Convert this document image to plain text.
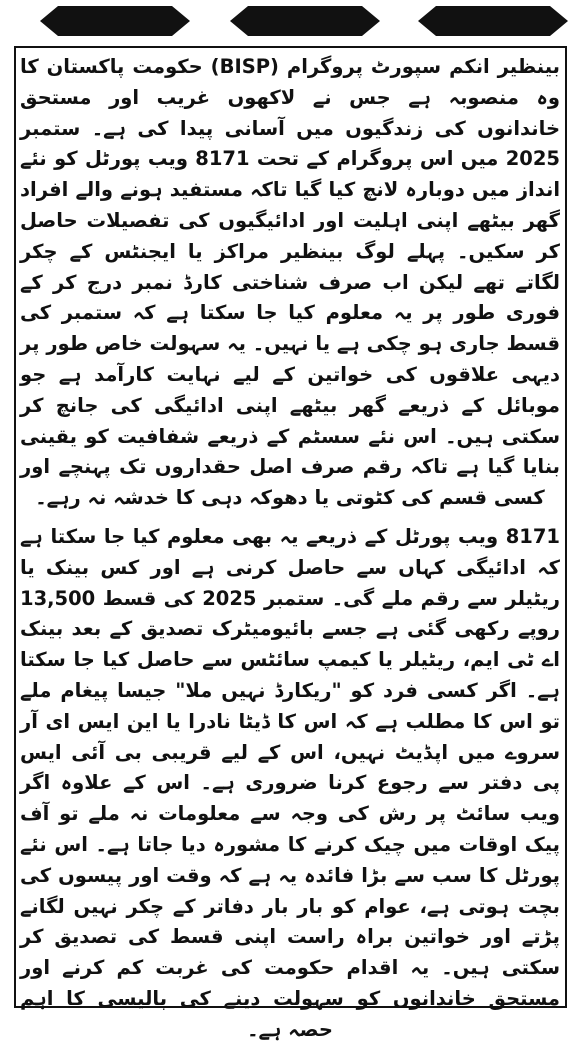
بینظیر انکم سپورٹ پروگرام (BISP) حکومت پاکستان کا وہ منصوبہ ہے جس نے لاکھوں غریب اور مستحق خاندانوں کی زندگیوں میں آسانی پیدا کی ہے۔ ستمبر 2025 میں اس پروگرام کے تحت 8171 ویب پورٹل کو نئے انداز میں دوبارہ لانچ کیا گیا تاکہ مستفید ہونے والے افراد گھر بیٹھے اپنی اہلیت اور ادائیگیوں کی تفصیلات حاصل کر سکیں۔ پہلے لوگ بینظیر مراکز یا ایجنٹس کے چکر لگاتے تھے لیکن اب صرف شناختی کارڈ نمبر درج کر کے فوری طور پر یہ معلوم کیا جا سکتا ہے کہ ستمبر کی قسط جاری ہو چکی ہے یا نہیں۔ یہ سہولت خاص طور پر دیہی علاقوں کی خواتین کے لیے نہایت کارآمد ہے جو موبائل کے ذریعے گھر بیٹھے اپنی ادائیگی کی جانچ کر سکتی ہیں۔ اس نئے سسٹم کے ذریعے شفافیت کو یقینی بنایا گیا ہے تاکہ رقم صرف اصل حقداروں تک پہنچے اور کسی قسم کی کٹوتی یا دھوکہ دہی کا خدشہ نہ رہے۔

8171 ویب پورٹل کے ذریعے یہ بھی معلوم کیا جا سکتا ہے کہ ادائیگی کہاں سے حاصل کرنی ہے اور کس بینک یا ریٹیلر سے رقم ملے گی۔ ستمبر 2025 کی قسط 13,500 روپے رکھی گئی ہے جسے بائیومیٹرک تصدیق کے بعد بینک اے ٹی ایم، ریٹیلر یا کیمپ سائٹس سے حاصل کیا جا سکتا ہے۔ اگر کسی فرد کو "ریکارڈ نہیں ملا" جیسا پیغام ملے تو اس کا مطلب ہے کہ اس کا ڈیٹا نادرا یا این ایس ای آر سروے میں اپڈیٹ نہیں، اس کے لیے قریبی بی آئی ایس پی دفتر سے رجوع کرنا ضروری ہے۔ اس کے علاوہ اگر ویب سائٹ پر رش کی وجہ سے معلومات نہ ملے تو آف پیک اوقات میں چیک کرنے کا مشورہ دیا جاتا ہے۔ اس نئے پورٹل کا سب سے بڑا فائدہ یہ ہے کہ وقت اور پیسوں کی بچت ہوتی ہے، عوام کو بار بار دفاتر کے چکر نہیں لگانے پڑتے اور خواتین براہ راست اپنی قسط کی تصدیق کر سکتی ہیں۔ یہ اقدام حکومت کی غربت کم کرنے اور مستحق خاندانوں کو سہولت دینے کی پالیسی کا اہم حصہ ہے۔
